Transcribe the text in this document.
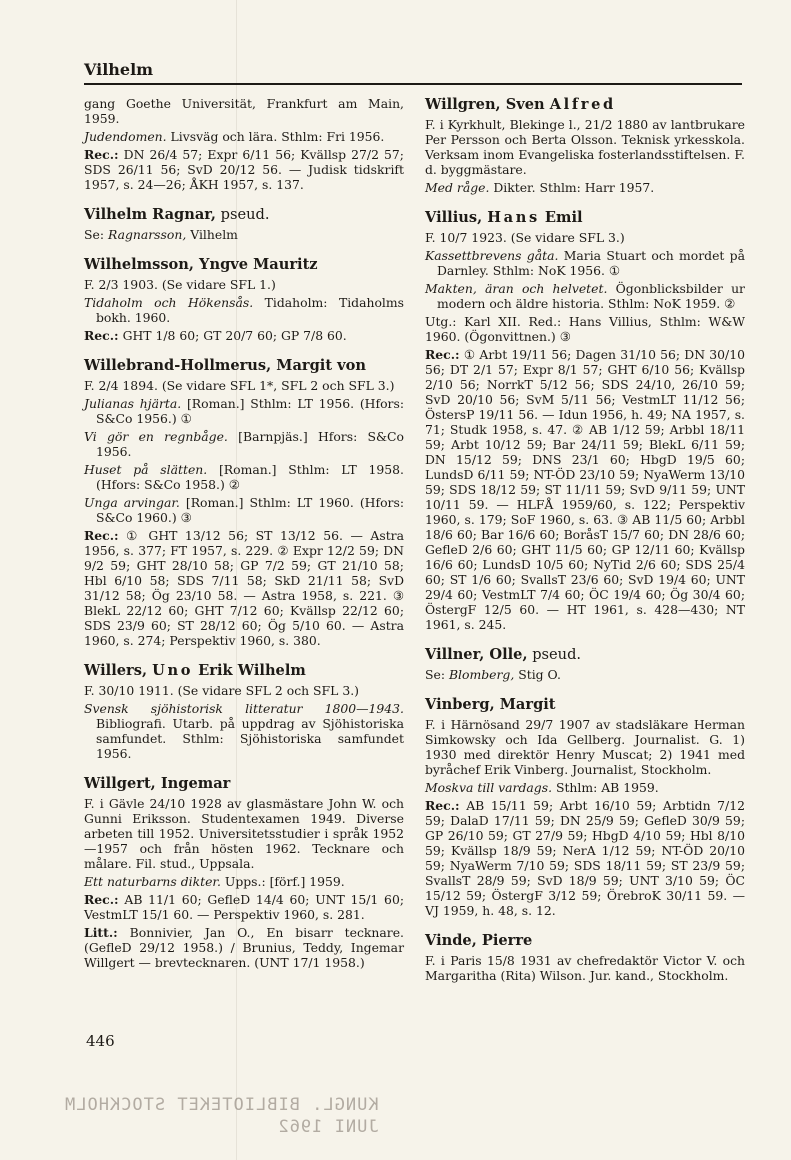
Vilhelm

gang Goethe Universität, Frankfurt am Main, 1959.

Judendomen. Livsväg och lära. Sthlm: Fri 1956.

Rec.: DN 26/4 57; Expr 6/11 56; Kvällsp 27/2 57; SDS 26/11 56; SvD 20/12 56. — Judisk tidskrift 1957, s. 24—26; ÅKH 1957, s. 137.

Vilhelm Ragnar, pseud.

Se: Ragnarsson, Vilhelm

Wilhelmsson, Yngve Mauritz

F. 2/3 1903. (Se vidare SFL 1.)

Tidaholm och Hökensås. Tidaholm: Tidaholms bokh. 1960.

Rec.: GHT 1/8 60; GT 20/7 60; GP 7/8 60.

Willebrand-Hollmerus, Margit von

F. 2/4 1894. (Se vidare SFL 1*, SFL 2 och SFL 3.)

Julianas hjärta. [Roman.] Sthlm: LT 1956. (Hfors: S&Co 1956.) ①

Vi gör en regnbåge. [Barnpjäs.] Hfors: S&Co 1956.

Huset på slätten. [Roman.] Sthlm: LT 1958. (Hfors: S&Co 1958.) ②

Unga arvingar. [Roman.] Sthlm: LT 1960. (Hfors: S&Co 1960.) ③

Rec.: ① GHT 13/12 56; ST 13/12 56. — Astra 1956, s. 377; FT 1957, s. 229. ② Expr 12/2 59; DN 9/2 59; GHT 28/10 58; GP 7/2 59; GT 21/10 58; Hbl 6/10 58; SDS 7/11 58; SkD 21/11 58; SvD 31/12 58; Ög 23/10 58. — Astra 1958, s. 221. ③ BlekL 22/12 60; GHT 7/12 60; Kvällsp 22/12 60; SDS 23/9 60; ST 28/12 60; Ög 5/10 60. — Astra 1960, s. 274; Perspektiv 1960, s. 380.

Willers, Uno Erik Wilhelm

F. 30/10 1911. (Se vidare SFL 2 och SFL 3.)

Svensk sjöhistorisk litteratur 1800—1943. Bibliografi. Utarb. på uppdrag av Sjöhistoriska samfundet. Sthlm: Sjöhistoriska samfundet 1956.

Willgert, Ingemar

F. i Gävle 24/10 1928 av glasmästare John W. och Gunni Eriksson. Studentexamen 1949. Diverse arbeten till 1952. Universitetsstudier i språk 1952—1957 och från hösten 1962. Tecknare och målare. Fil. stud., Uppsala.

Ett naturbarns dikter. Upps.: [förf.] 1959.

Rec.: AB 11/1 60; GefleD 14/4 60; UNT 15/1 60; VestmLT 15/1 60. — Perspektiv 1960, s. 281.

Litt.: Bonnivier, Jan O., En bisarr tecknare. (GefleD 29/12 1958.) / Brunius, Teddy, Ingemar Willgert — brevtecknaren. (UNT 17/1 1958.)

Willgren, Sven Alfred

F. i Kyrkhult, Blekinge l., 21/2 1880 av lantbrukare Per Persson och Berta Olsson. Teknisk yrkesskola. Verksam inom Evangeliska fosterlandsstiftelsen. F. d. byggmästare.

Med råge. Dikter. Sthlm: Harr 1957.

Villius, Hans Emil

F. 10/7 1923. (Se vidare SFL 3.)

Kassettbrevens gåta. Maria Stuart och mordet på Darnley. Sthlm: NoK 1956. ①

Makten, äran och helvetet. Ögonblicksbilder ur modern och äldre historia. Sthlm: NoK 1959. ②

Utg.: Karl XII. Red.: Hans Villius, Sthlm: W&W 1960. (Ögonvittnen.) ③

Rec.: ① Arbt 19/11 56; Dagen 31/10 56; DN 30/10 56; DT 2/1 57; Expr 8/1 57; GHT 6/10 56; Kvällsp 2/10 56; NorrkT 5/12 56; SDS 24/10, 26/10 59; SvD 20/10 56; SvM 5/11 56; VestmLT 11/12 56; ÖstersP 19/11 56. — Idun 1956, h. 49; NA 1957, s. 71; Studk 1958, s. 47. ② AB 1/12 59; Arbbl 18/11 59; Arbt 10/12 59; Bar 24/11 59; BlekL 6/11 59; DN 15/12 59; DNS 23/1 60; HbgD 19/5 60; LundsD 6/11 59; NT-ÖD 23/10 59; NyaWerm 13/10 59; SDS 18/12 59; ST 11/11 59; SvD 9/11 59; UNT 10/11 59. — HLFÅ 1959/60, s. 122; Perspektiv 1960, s. 179; SoF 1960, s. 63. ③ AB 11/5 60; Arbbl 18/6 60; Bar 16/6 60; BoråsT 15/7 60; DN 28/6 60; GefleD 2/6 60; GHT 11/5 60; GP 12/11 60; Kvällsp 16/6 60; LundsD 10/5 60; NyTid 2/6 60; SDS 25/4 60; ST 1/6 60; SvallsT 23/6 60; SvD 19/4 60; UNT 29/4 60; VestmLT 7/4 60; ÖC 19/4 60; Ög 30/4 60; ÖstergF 12/5 60. — HT 1961, s. 428—430; NT 1961, s. 245.

Villner, Olle, pseud.

Se: Blomberg, Stig O.

Vinberg, Margit

F. i Härnösand 29/7 1907 av stadsläkare Herman Simkowsky och Ida Gellberg. Journalist. G. 1) 1930 med direktör Henry Muscat; 2) 1941 med byråchef Erik Vinberg. Journalist, Stockholm.

Moskva till vardags. Sthlm: AB 1959.

Rec.: AB 15/11 59; Arbt 16/10 59; Arbtidn 7/12 59; DalaD 17/11 59; DN 25/9 59; GefleD 30/9 59; GP 26/10 59; GT 27/9 59; HbgD 4/10 59; Hbl 8/10 59; Kvällsp 18/9 59; NerA 1/12 59; NT-ÖD 20/10 59; NyaWerm 7/10 59; SDS 18/11 59; ST 23/9 59; SvallsT 28/9 59; SvD 18/9 59; UNT 3/10 59; ÖC 15/12 59; ÖstergF 3/12 59; ÖrebroK 30/11 59. — VJ 1959, h. 48, s. 12.

Vinde, Pierre

F. i Paris 15/8 1931 av chefredaktör Victor V. och Margaritha (Rita) Wilson. Jur. kand., Stockholm.

446
KUNGL. BIBLIOTEKET STOCKHOLM
JUNI 1962
